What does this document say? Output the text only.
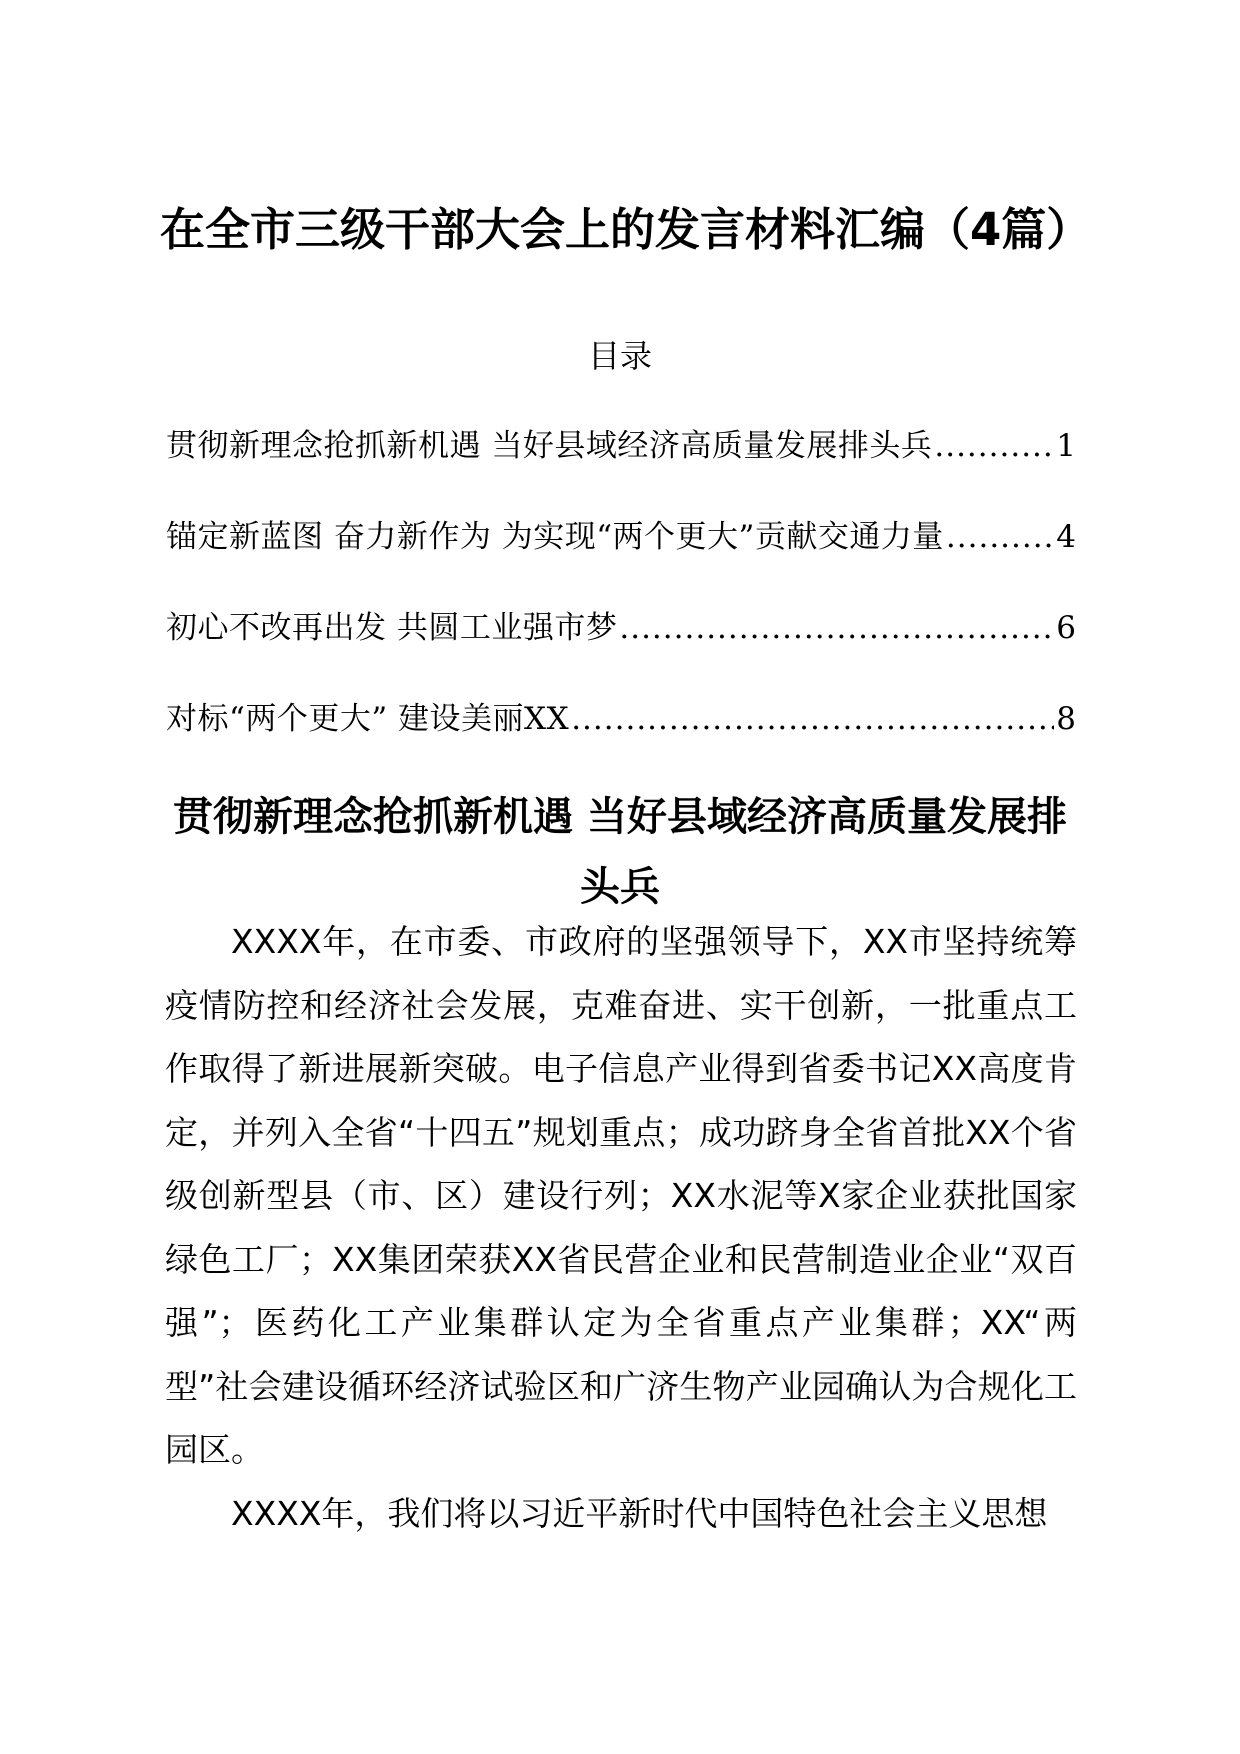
在全市三级干部大会上的发言材料汇编（4篇）
目录
贯彻新理念抢抓新机遇 当好县域经济高质量发展排头兵 .....	1
锚定新蓝图 奋力新作为 为实现“两个更大”贡献交通力量 .....	4
初心不改再出发 共圆工业强市梦 .....	6
对标“两个更大” 建设美丽XX .....	8
贯彻新理念抢抓新机遇 当好县域经济高质量发展排头兵

XXXX年，在市委、市政府的坚强领导下，XX市坚持统筹疫情防控和经济社会发展，克难奋进、实干创新，一批重点工作取得了新进展新突破。电子信息产业得到省委书记XX高度肯定，并列入全省“十四五”规划重点；成功跻身全省首批XX个省级创新型县（市、区）建设行列；XX水泥等X家企业获批国家绿色工厂；XX集团荣获XX省民营企业和民营制造业企业“双百强”；医药化工产业集群认定为全省重点产业集群；XX“两型”社会建设循环经济试验区和广济生物产业园确认为合规化工园区。

XXXX年，我们将以习近平新时代中国特色社会主义思想
